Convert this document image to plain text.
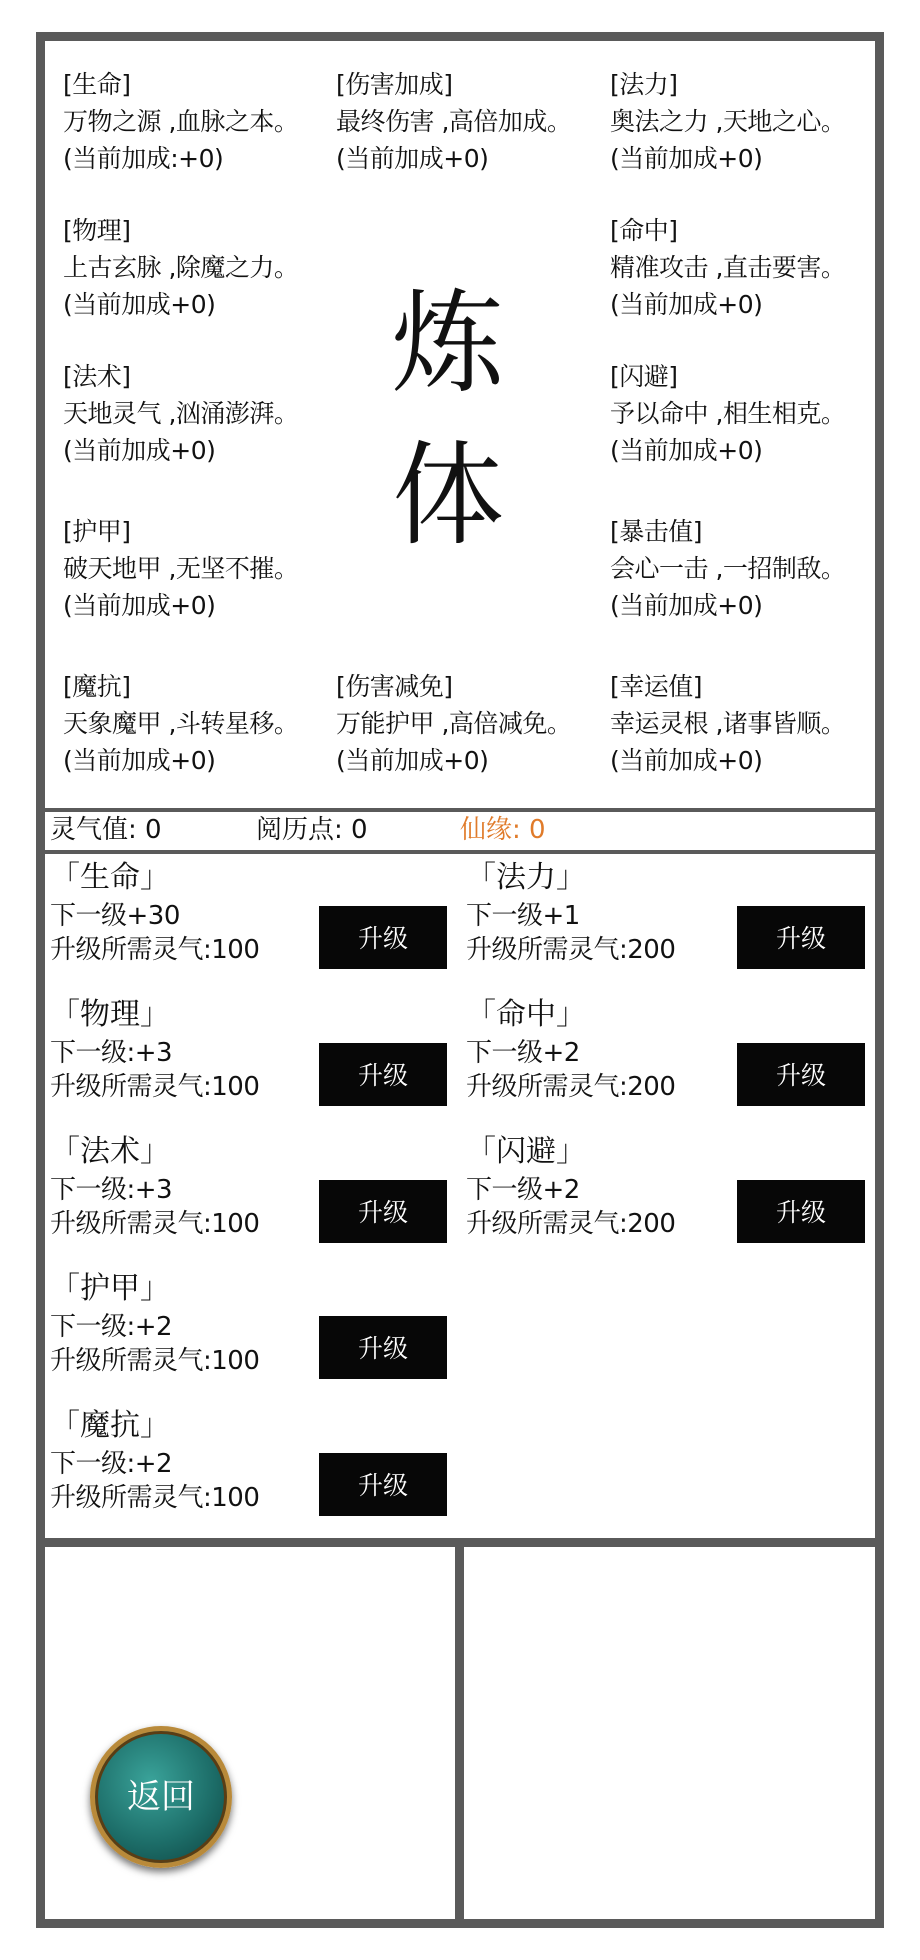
[生命]
万物之源 ,血脉之本。
(当前加成:+0)
[伤害加成]
最终伤害 ,高倍加成。
(当前加成+0)
[法力]
奥法之力 ,天地之心。
(当前加成+0)
[物理]
上古玄脉 ,除魔之力。
(当前加成+0)
[命中]
精准攻击 ,直击要害。
(当前加成+0)
[法术]
天地灵气 ,汹涌澎湃。
(当前加成+0)
[闪避]
予以命中 ,相生相克。
(当前加成+0)
[护甲]
破天地甲 ,无坚不摧。
(当前加成+0)
[暴击值]
会心一击 ,一招制敌。
(当前加成+0)
[魔抗]
天象魔甲 ,斗转星移。
(当前加成+0)
[伤害减免]
万能护甲 ,高倍减免。
(当前加成+0)
[幸运值]
幸运灵根 ,诸事皆顺。
(当前加成+0)
炼
体
灵气值: 0	阅历点: 0	仙缘: 0
「生命」
下一级+30
升级所需灵气:100	升级
「物理」
下一级:+3
升级所需灵气:100	升级
「法术」
下一级:+3
升级所需灵气:100	升级
「护甲」
下一级:+2
升级所需灵气:100	升级
「魔抗」
下一级:+2
升级所需灵气:100	升级
「法力」
下一级+1
升级所需灵气:200	升级
「命中」
下一级+2
升级所需灵气:200	升级
「闪避」
下一级+2
升级所需灵气:200	升级
返回
